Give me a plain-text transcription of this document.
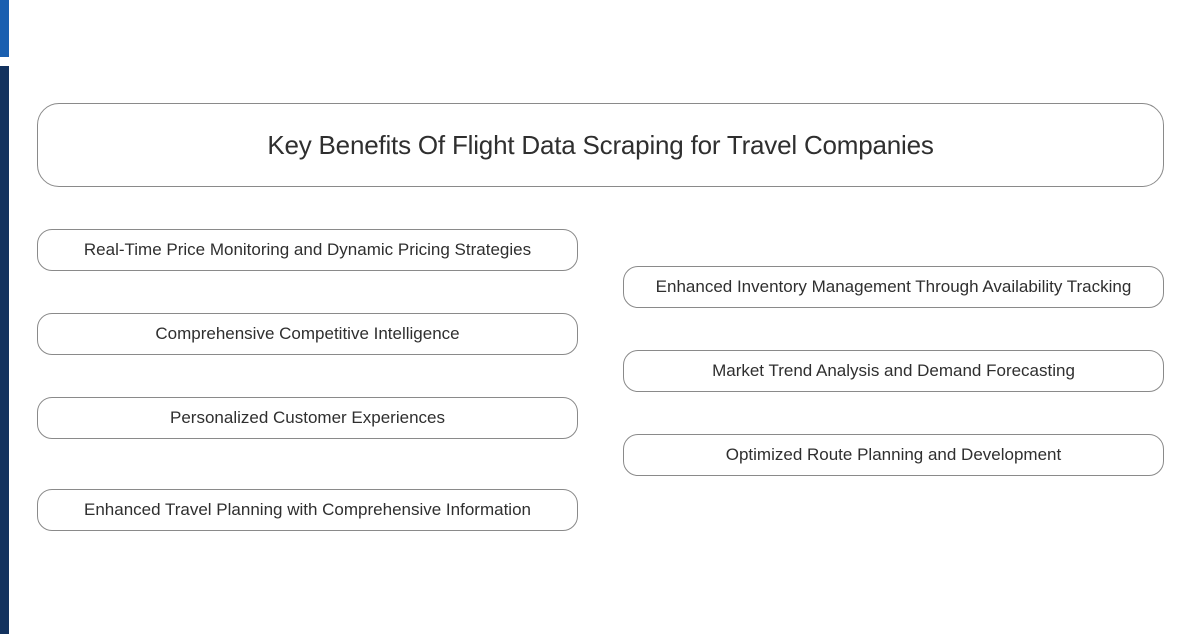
Key Benefits Of Flight Data Scraping for Travel Companies
Real-Time Price Monitoring and Dynamic Pricing Strategies
Comprehensive Competitive Intelligence
Personalized Customer Experiences
Enhanced Travel Planning with Comprehensive Information
Enhanced Inventory Management Through Availability Tracking
Market Trend Analysis and Demand Forecasting
Optimized Route Planning and Development
